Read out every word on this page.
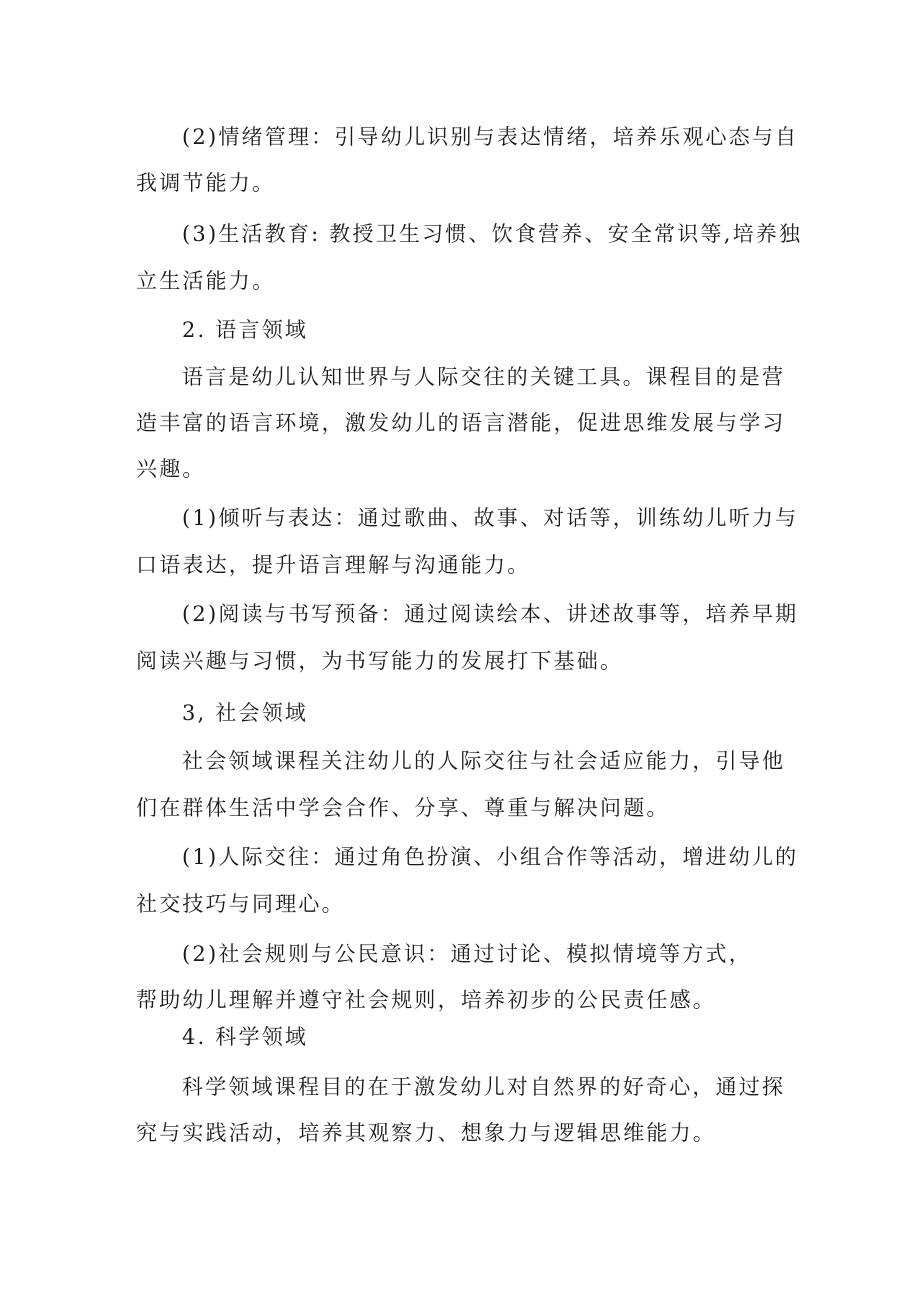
(2)情绪管理：引导幼儿识别与表达情绪，培养乐观心态与自
我调节能力。
(3)生活教育: 教授卫生习惯、饮食营养、安全常识等,培养独
立生活能力。
2. 语言领域
语言是幼儿认知世界与人际交往的关键工具。课程目的是营
造丰富的语言环境，激发幼儿的语言潜能，促进思维发展与学习
兴趣。
(1)倾听与表达：通过歌曲、故事、对话等，训练幼儿听力与
口语表达，提升语言理解与沟通能力。
(2)阅读与书写预备：通过阅读绘本、讲述故事等，培养早期
阅读兴趣与习惯，为书写能力的发展打下基础。
3, 社会领域
社会领域课程关注幼儿的人际交往与社会适应能力，引导他
们在群体生活中学会合作、分享、尊重与解决问题。
(1)人际交往：通过角色扮演、小组合作等活动，增进幼儿的
社交技巧与同理心。
(2)社会规则与公民意识：通过讨论、模拟情境等方式，
帮助幼儿理解并遵守社会规则，培养初步的公民责任感。
4. 科学领域
科学领域课程目的在于激发幼儿对自然界的好奇心，通过探
究与实践活动，培养其观察力、想象力与逻辑思维能力。
